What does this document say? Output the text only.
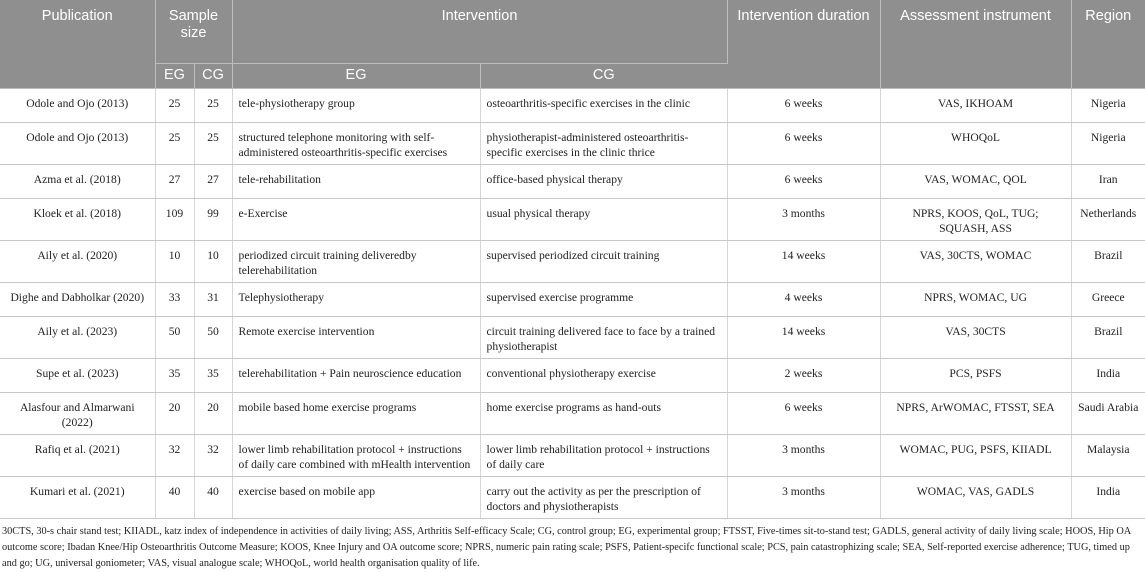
Publication	Sample size		Intervention		Intervention duration	Assessment instrument	Region
	EG	CG	EG	CG			
Odole and Ojo (2013)	25	25	tele-physiotherapy group	osteoarthritis-specific exercises in the clinic	6 weeks	VAS, IKHOAM	Nigeria
Odole and Ojo (2013)	25	25	structured telephone monitoring with self-administered osteoarthritis-specific exercises	physiotherapist-administered osteoarthritis-specific exercises in the clinic thrice	6 weeks	WHOQoL	Nigeria
Azma et al. (2018)	27	27	tele-rehabilitation	office-based physical therapy	6 weeks	VAS, WOMAC, QOL	Iran
Kloek et al. (2018)	109	99	e-Exercise	usual physical therapy	3 months	NPRS, KOOS, QoL, TUG; SQUASH, ASS	Netherlands
Aily et al. (2020)	10	10	periodized circuit training deliveredby telerehabilitation	supervised periodized circuit training	14 weeks	VAS, 30CTS, WOMAC	Brazil
Dighe and Dabholkar (2020)	33	31	Telephysiotherapy	supervised exercise programme	4 weeks	NPRS, WOMAC, UG	Greece
Aily et al. (2023)	50	50	Remote exercise intervention	circuit training delivered face to face by a trained physiotherapist	14 weeks	VAS, 30CTS	Brazil
Supe et al. (2023)	35	35	telerehabilitation + Pain neuroscience education	conventional physiotherapy exercise	2 weeks	PCS, PSFS	India
Alasfour and Almarwani (2022)	20	20	mobile based home exercise programs	home exercise programs as hand-outs	6 weeks	NPRS, ArWOMAC, FTSST, SEA	Saudi Arabia
Rafiq et al. (2021)	32	32	lower limb rehabilitation protocol + instructions of daily care combined with mHealth intervention	lower limb rehabilitation protocol + instructions of daily care	3 months	WOMAC, PUG, PSFS, KIIADL	Malaysia
Kumari et al. (2021)	40	40	exercise based on mobile app	carry out the activity as per the prescription of doctors and physiotherapists	3 months	WOMAC, VAS, GADLS	India
30CTS, 30-s chair stand test; KIIADL, katz index of independence in activities of daily living; ASS, Arthritis Self-efficacy Scale; CG, control group; EG, experimental group; FTSST, Five-times sit-to-stand test; GADLS, general activity of daily living scale; HOOS, Hip OA outcome score; Ibadan Knee/Hip Osteoarthritis Outcome Measure; KOOS, Knee Injury and OA outcome score; NPRS, numeric pain rating scale; PSFS, Patient-specifc functional scale; PCS, pain catastrophizing scale; SEA, Self-reported exercise adherence; TUG, timed up and go; UG, universal goniometer; VAS, visual analogue scale; WHOQoL, world health organisation quality of life.
